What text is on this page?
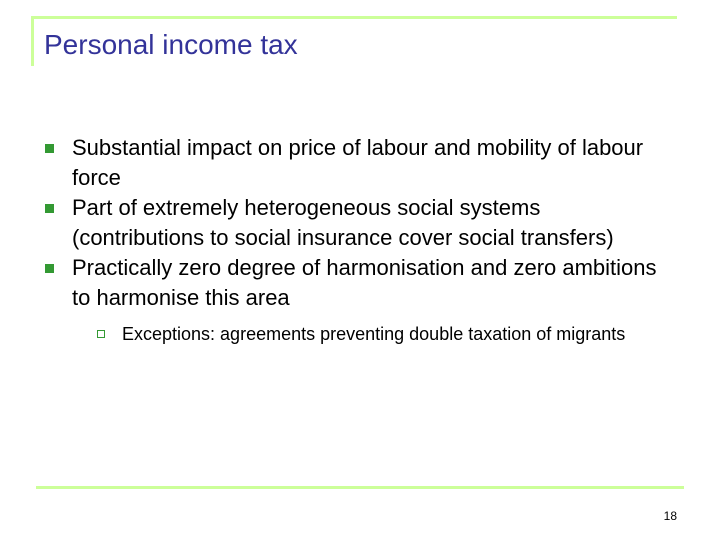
Personal income tax
Substantial impact on price of labour and mobility of labour force
Part of extremely heterogeneous social systems (contributions to social insurance cover social transfers)
Practically zero degree of harmonisation and zero ambitions to harmonise this area
Exceptions: agreements preventing double taxation of migrants
18
